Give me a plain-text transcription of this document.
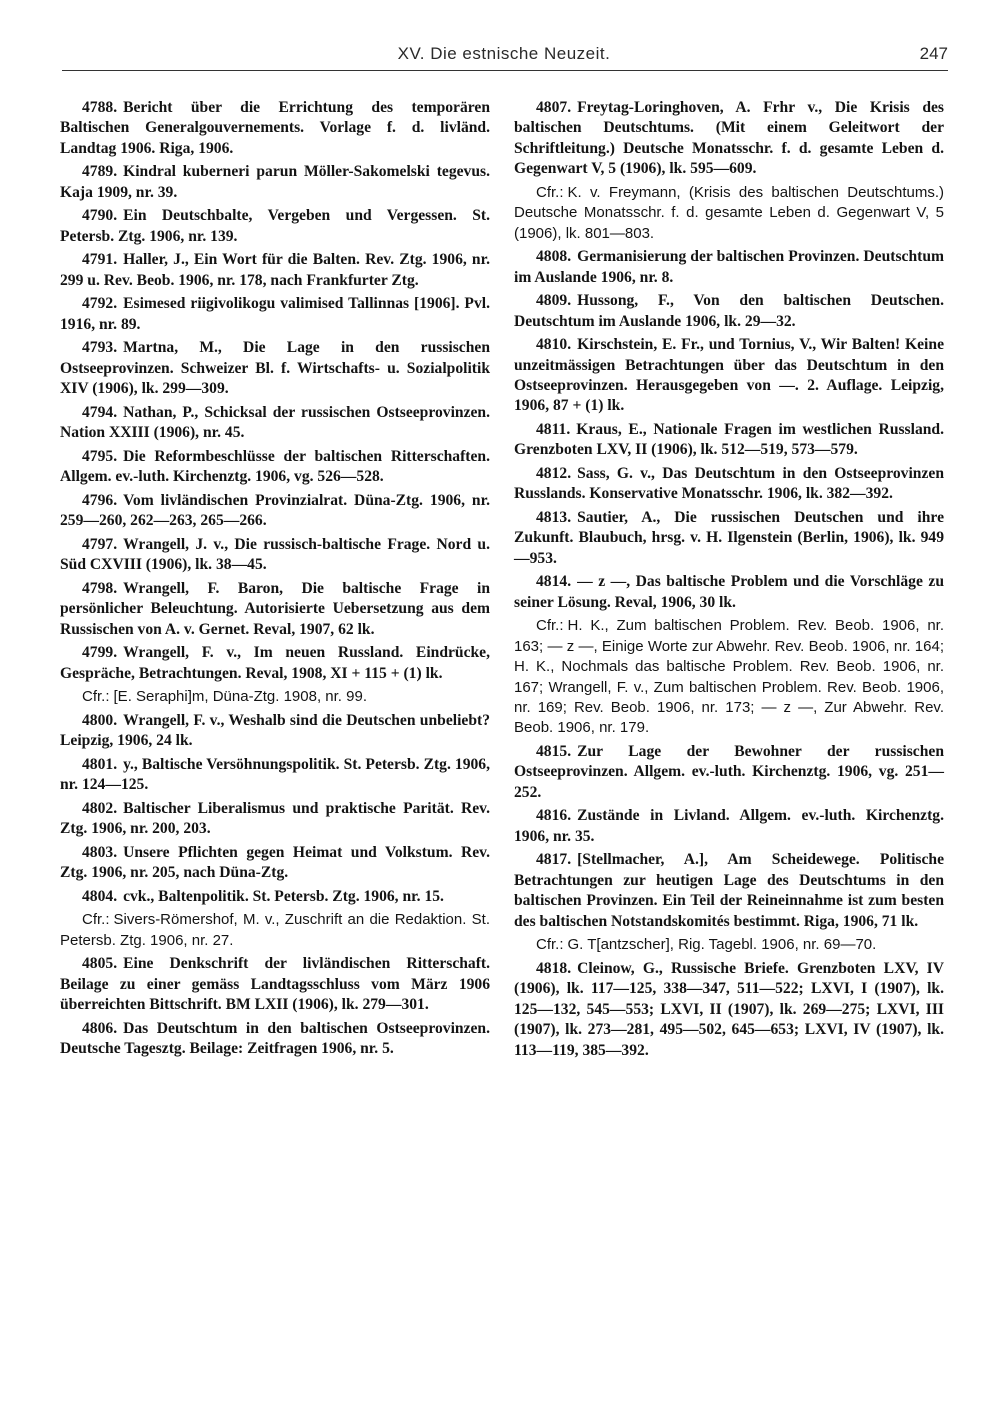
XV. Die estnische Neuzeit.	247

4788. Bericht über die Errichtung des temporären Baltischen Generalgouvernements. Vorlage f. d. livländ. Landtag 1906. Riga, 1906.

4789. Kindral kuberneri parun Möller-Sakomelski tegevus. Kaja 1909, nr. 39.

4790. Ein Deutschbalte, Vergeben und Vergessen. St. Petersb. Ztg. 1906, nr. 139.

4791. Haller, J., Ein Wort für die Balten. Rev. Ztg. 1906, nr. 299 u. Rev. Beob. 1906, nr. 178, nach Frankfurter Ztg.

4792. Esimesed riigivolikogu valimised Tallinnas [1906]. Pvl. 1916, nr. 89.

4793. Martna, M., Die Lage in den russischen Ostseeprovinzen. Schweizer Bl. f. Wirtschafts- u. Sozialpolitik XIV (1906), lk. 299—309.

4794. Nathan, P., Schicksal der russischen Ostseeprovinzen. Nation XXIII (1906), nr. 45.

4795. Die Reformbeschlüsse der baltischen Ritterschaften. Allgem. ev.-luth. Kirchenztg. 1906, vg. 526—528.

4796. Vom livländischen Provinzialrat. Düna-Ztg. 1906, nr. 259—260, 262—263, 265—266.

4797. Wrangell, J. v., Die russisch-baltische Frage. Nord u. Süd CXVIII (1906), lk. 38—45.

4798. Wrangell, F. Baron, Die baltische Frage in persönlicher Beleuchtung. Autorisierte Uebersetzung aus dem Russischen von A. v. Gernet. Reval, 1907, 62 lk.

4799. Wrangell, F. v., Im neuen Russland. Eindrücke, Gespräche, Betrachtungen. Reval, 1908, XI + 115 + (1) lk.

Cfr.: [E. Seraphi]m, Düna-Ztg. 1908, nr. 99.

4800. Wrangell, F. v., Weshalb sind die Deutschen unbeliebt? Leipzig, 1906, 24 lk.

4801. y., Baltische Versöhnungspolitik. St. Petersb. Ztg. 1906, nr. 124—125.

4802. Baltischer Liberalismus und praktische Parität. Rev. Ztg. 1906, nr. 200, 203.

4803. Unsere Pflichten gegen Heimat und Volkstum. Rev. Ztg. 1906, nr. 205, nach Düna-Ztg.

4804. cvk., Baltenpolitik. St. Petersb. Ztg. 1906, nr. 15.

Cfr.: Sivers-Römershof, M. v., Zuschrift an die Redaktion. St. Petersb. Ztg. 1906, nr. 27.

4805. Eine Denkschrift der livländischen Ritterschaft. Beilage zu einer gemäss Landtagsschluss vom März 1906 überreichten Bittschrift. BM LXII (1906), lk. 279—301.

4806. Das Deutschtum in den baltischen Ostseeprovinzen. Deutsche Tagesztg. Beilage: Zeitfragen 1906, nr. 5.

4807. Freytag-Loringhoven, A. Frhr v., Die Krisis des baltischen Deutschtums. (Mit einem Geleitwort der Schriftleitung.) Deutsche Monatsschr. f. d. gesamte Leben d. Gegenwart V, 5 (1906), lk. 595—609.

Cfr.: K. v. Freymann, (Krisis des baltischen Deutschtums.) Deutsche Monatsschr. f. d. gesamte Leben d. Gegenwart V, 5 (1906), lk. 801—803.

4808. Germanisierung der baltischen Provinzen. Deutschtum im Auslande 1906, nr. 8.

4809. Hussong, F., Von den baltischen Deutschen. Deutschtum im Auslande 1906, lk. 29—32.

4810. Kirschstein, E. Fr., und Tornius, V., Wir Balten! Keine unzeitmässigen Betrachtungen über das Deutschtum in den Ostseeprovinzen. Herausgegeben von —. 2. Auflage. Leipzig, 1906, 87 + (1) lk.

4811. Kraus, E., Nationale Fragen im westlichen Russland. Grenzboten LXV, II (1906), lk. 512—519, 573—579.

4812. Sass, G. v., Das Deutschtum in den Ostseeprovinzen Russlands. Konservative Monatsschr. 1906, lk. 382—392.

4813. Sautier, A., Die russischen Deutschen und ihre Zukunft. Blaubuch, hrsg. v. H. Ilgenstein (Berlin, 1906), lk. 949—953.

4814. — z —, Das baltische Problem und die Vorschläge zu seiner Lösung. Reval, 1906, 30 lk.

Cfr.: H. K., Zum baltischen Problem. Rev. Beob. 1906, nr. 163; — z —, Einige Worte zur Abwehr. Rev. Beob. 1906, nr. 164; H. K., Nochmals das baltische Problem. Rev. Beob. 1906, nr. 167; Wrangell, F. v., Zum baltischen Problem. Rev. Beob. 1906, nr. 169; Rev. Beob. 1906, nr. 173; — z —, Zur Abwehr. Rev. Beob. 1906, nr. 179.

4815. Zur Lage der Bewohner der russischen Ostseeprovinzen. Allgem. ev.-luth. Kirchenztg. 1906, vg. 251—252.

4816. Zustände in Livland. Allgem. ev.-luth. Kirchenztg. 1906, nr. 35.

4817. [Stellmacher, A.], Am Scheidewege. Politische Betrachtungen zur heutigen Lage des Deutschtums in den baltischen Provinzen. Ein Teil der Reineinnahme ist zum besten des baltischen Notstandskomités bestimmt. Riga, 1906, 71 lk.

Cfr.: G. T[antzscher], Rig. Tagebl. 1906, nr. 69—70.

4818. Cleinow, G., Russische Briefe. Grenzboten LXV, IV (1906), lk. 117—125, 338—347, 511—522; LXVI, I (1907), lk. 125—132, 545—553; LXVI, II (1907), lk. 269—275; LXVI, III (1907), lk. 273—281, 495—502, 645—653; LXVI, IV (1907), lk. 113—119, 385—392.
